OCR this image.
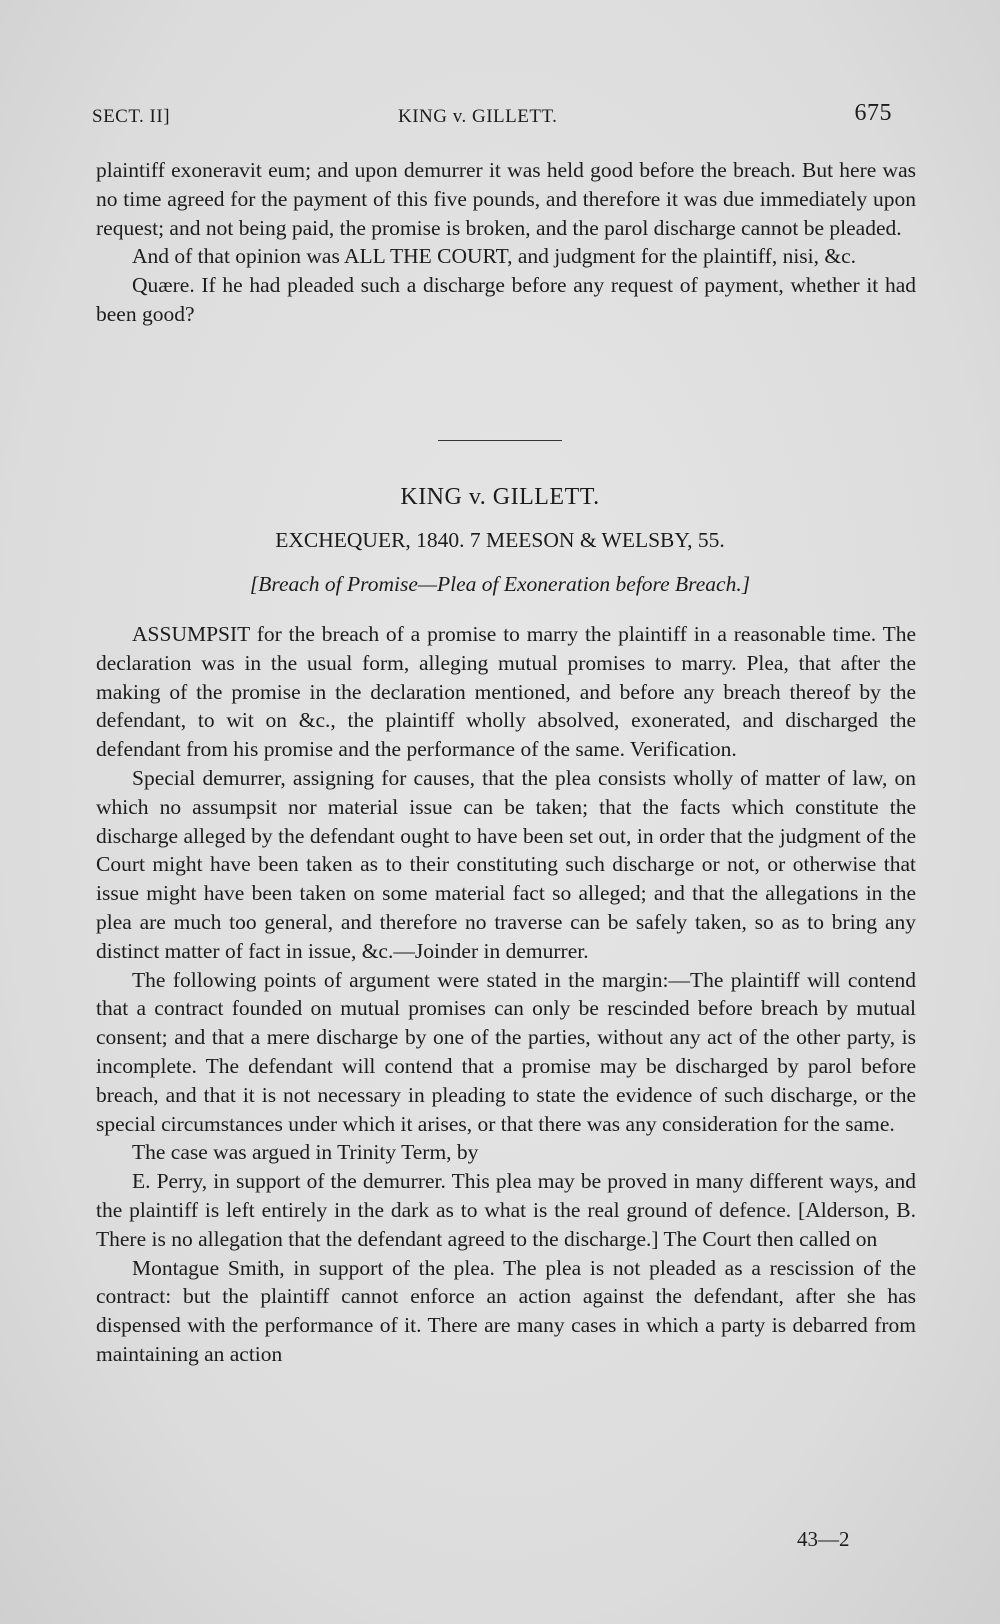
SECT. II]	KING v. GILLETT.	675

plaintiff exoneravit eum; and upon demurrer it was held good before the breach. But here was no time agreed for the payment of this five pounds, and therefore it was due immediately upon request; and not being paid, the promise is broken, and the parol discharge cannot be pleaded.

And of that opinion was ALL THE COURT, and judgment for the plaintiff, nisi, &c.

Quære. If he had pleaded such a discharge before any request of payment, whether it had been good?

KING v. GILLETT.
EXCHEQUER, 1840. 7 MEESON & WELSBY, 55.
[Breach of Promise—Plea of Exoneration before Breach.]

ASSUMPSIT for the breach of a promise to marry the plaintiff in a reasonable time. The declaration was in the usual form, alleging mutual promises to marry. Plea, that after the making of the promise in the declaration mentioned, and before any breach thereof by the defendant, to wit on &c., the plaintiff wholly absolved, exonerated, and discharged the defendant from his promise and the performance of the same. Verification.

Special demurrer, assigning for causes, that the plea consists wholly of matter of law, on which no assumpsit nor material issue can be taken; that the facts which constitute the discharge alleged by the defendant ought to have been set out, in order that the judgment of the Court might have been taken as to their constituting such discharge or not, or otherwise that issue might have been taken on some material fact so alleged; and that the allegations in the plea are much too general, and therefore no traverse can be safely taken, so as to bring any distinct matter of fact in issue, &c.—Joinder in demurrer.

The following points of argument were stated in the margin:—The plaintiff will contend that a contract founded on mutual promises can only be rescinded before breach by mutual consent; and that a mere discharge by one of the parties, without any act of the other party, is incomplete. The defendant will contend that a promise may be discharged by parol before breach, and that it is not necessary in pleading to state the evidence of such discharge, or the special circumstances under which it arises, or that there was any consideration for the same.

The case was argued in Trinity Term, by

E. Perry, in support of the demurrer. This plea may be proved in many different ways, and the plaintiff is left entirely in the dark as to what is the real ground of defence. [Alderson, B. There is no allegation that the defendant agreed to the discharge.] The Court then called on

Montague Smith, in support of the plea. The plea is not pleaded as a rescission of the contract: but the plaintiff cannot enforce an action against the defendant, after she has dispensed with the performance of it. There are many cases in which a party is debarred from maintaining an action

43—2
